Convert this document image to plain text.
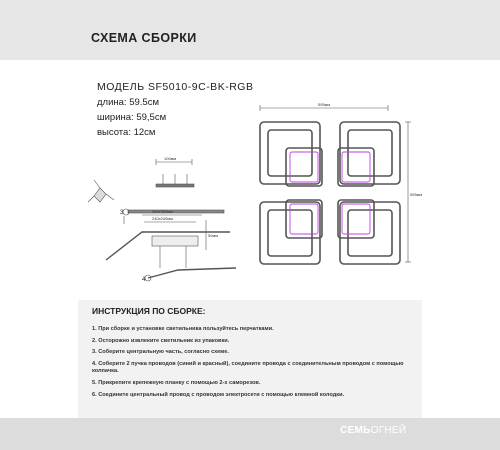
СХЕМА СБОРКИ
МОДЕЛЬ SF5010-9C-BK-RGB
длина: 59.5см
ширина: 59,5см
высота: 12cм
100мм
365х300мм
240х240мм
50мм
3
4
595мм
595мм
ИНСТРУКЦИЯ ПО СБОРКЕ:
1. При сборке и установке светильника пользуйтесь перчатками.
2. Осторожно извлеките светильник из упаковки.
3. Соберите центральную часть, согласно схеме.
4. Соберите 2 пучка проводов (синий и красный), соедините провода с соединительным проводом с помощью колпачка.
5. Прикрепите крепежную планку с помощью 2-х саморезов.
6. Соедините центральный провод с проводом электросети с помощью клемной колодки.
СЕМЬОГНЕЙ
